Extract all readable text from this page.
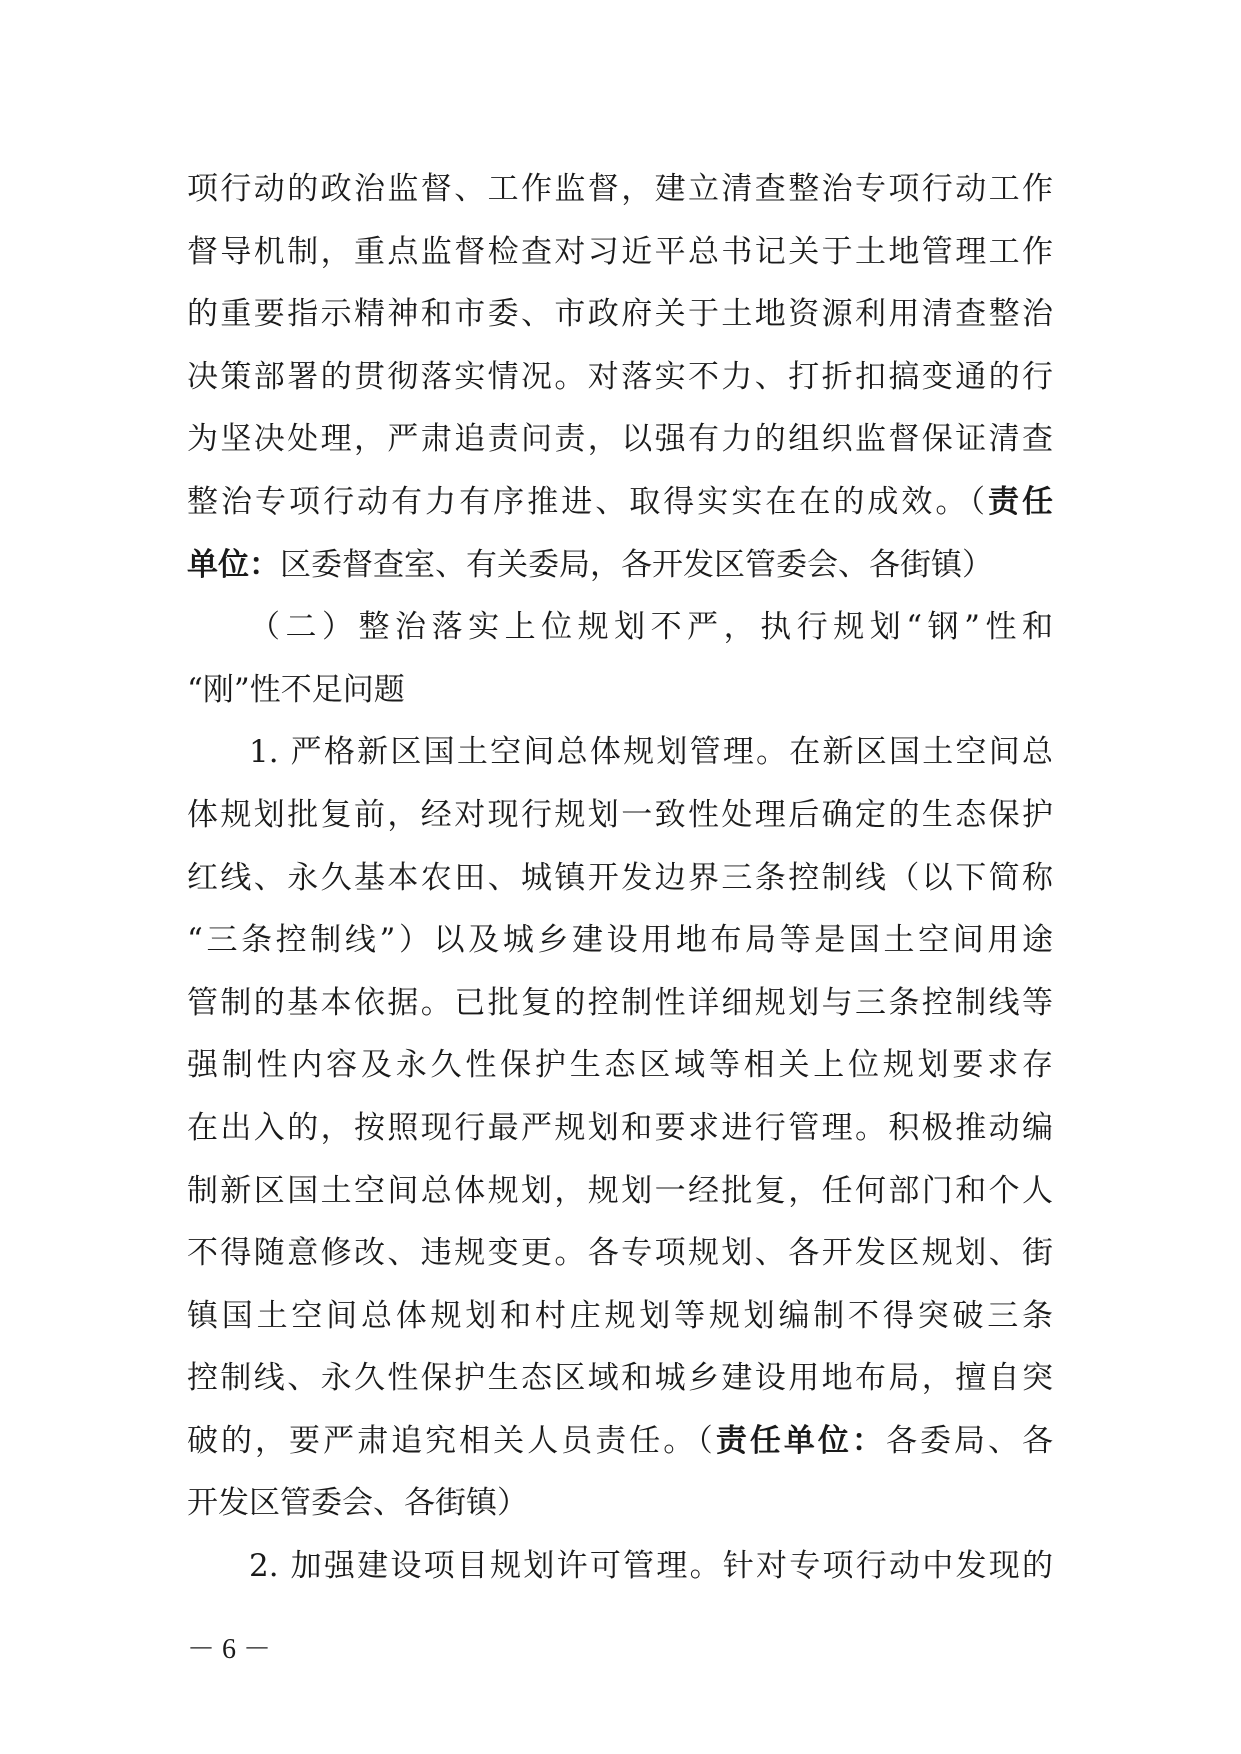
项行动的政治监督、工作监督，建立清查整治专项行动工作
督导机制，重点监督检查对习近平总书记关于土地管理工作
的重要指示精神和市委、市政府关于土地资源利用清查整治
决策部署的贯彻落实情况。对落实不力、打折扣搞变通的行
为坚决处理，严肃追责问责，以强有力的组织监督保证清查
整治专项行动有力有序推进、取得实实在在的成效。（责任
单位：区委督查室、有关委局，各开发区管委会、各街镇）
（二）整治落实上位规划不严，执行规划“钢”性和
“刚”性不足问题
1. 严格新区国土空间总体规划管理。在新区国土空间总
体规划批复前，经对现行规划一致性处理后确定的生态保护
红线、永久基本农田、城镇开发边界三条控制线（以下简称
“三条控制线”）以及城乡建设用地布局等是国土空间用途
管制的基本依据。已批复的控制性详细规划与三条控制线等
强制性内容及永久性保护生态区域等相关上位规划要求存
在出入的，按照现行最严规划和要求进行管理。积极推动编
制新区国土空间总体规划，规划一经批复，任何部门和个人
不得随意修改、违规变更。各专项规划、各开发区规划、街
镇国土空间总体规划和村庄规划等规划编制不得突破三条
控制线、永久性保护生态区域和城乡建设用地布局，擅自突
破的，要严肃追究相关人员责任。（责任单位：各委局、各
开发区管委会、各街镇）
2. 加强建设项目规划许可管理。针对专项行动中发现的
－ 6 －
